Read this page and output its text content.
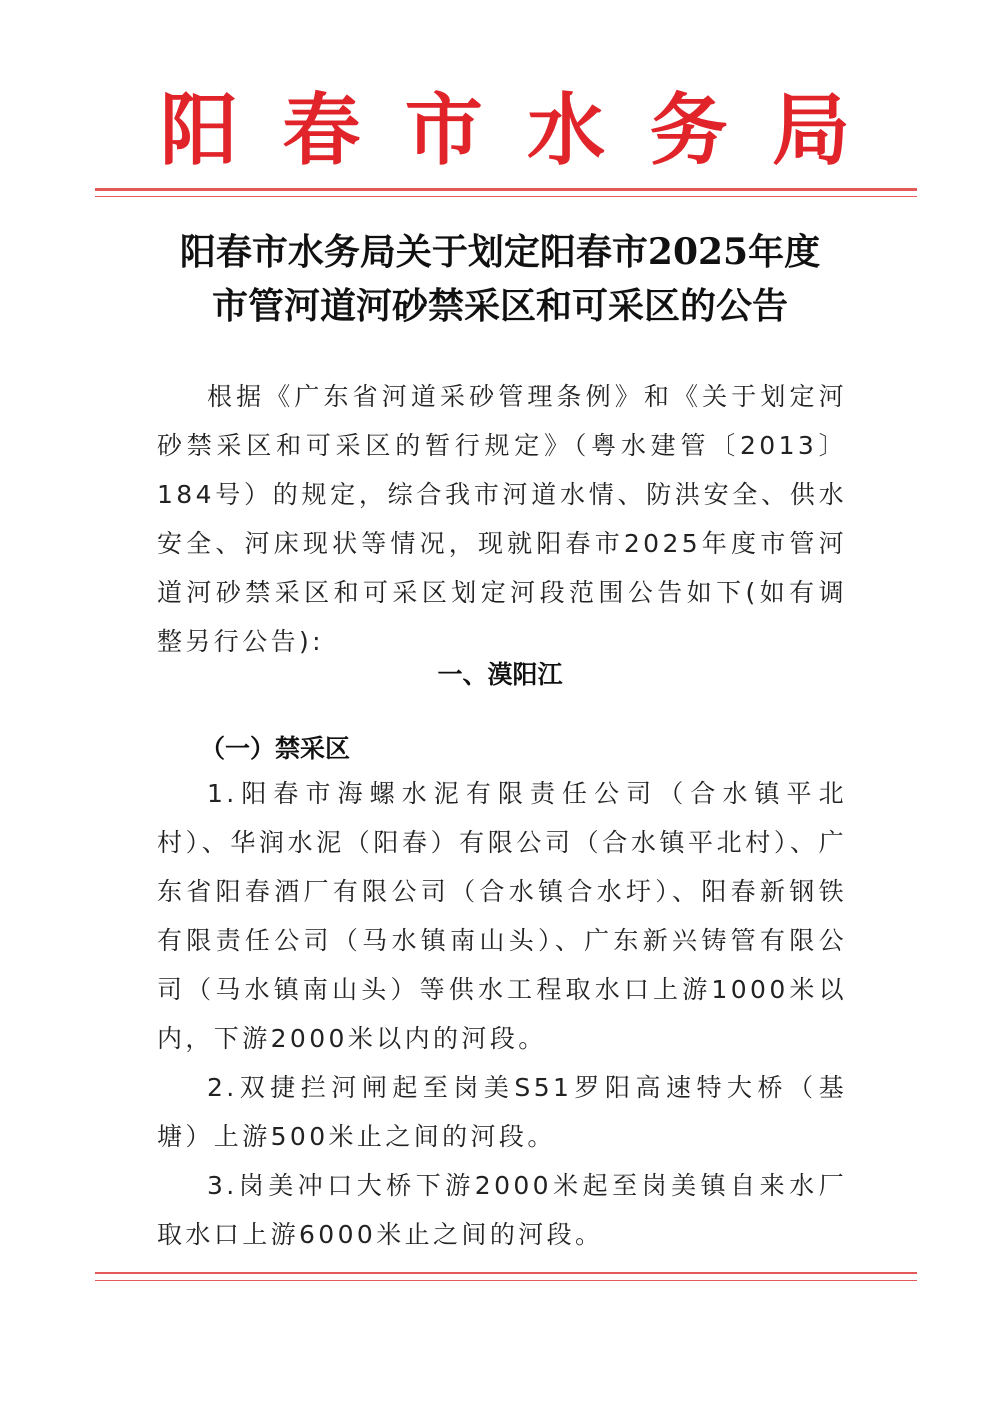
阳 春 市 水 务 局
阳春市水务局关于划定阳春市2025年度
市管河道河砂禁采区和可采区的公告
根据《广东省河道采砂管理条例》和《关于划定河砂禁采区和可采区的暂行规定》（粤水建管〔2013〕184号）的规定，综合我市河道水情、防洪安全、供水安全、河床现状等情况，现就阳春市2025年度市管河道河砂禁采区和可采区划定河段范围公告如下(如有调整另行公告):
一、漠阳江
（一）禁采区
1.阳春市海螺水泥有限责任公司（合水镇平北村）、华润水泥（阳春）有限公司（合水镇平北村）、广东省阳春酒厂有限公司（合水镇合水圩）、阳春新钢铁有限责任公司（马水镇南山头）、广东新兴铸管有限公司（马水镇南山头）等供水工程取水口上游1000米以内，下游2000米以内的河段。
2.双捷拦河闸起至岗美S51罗阳高速特大桥（基塘）上游500米止之间的河段。
3.岗美冲口大桥下游2000米起至岗美镇自来水厂取水口上游6000米止之间的河段。
